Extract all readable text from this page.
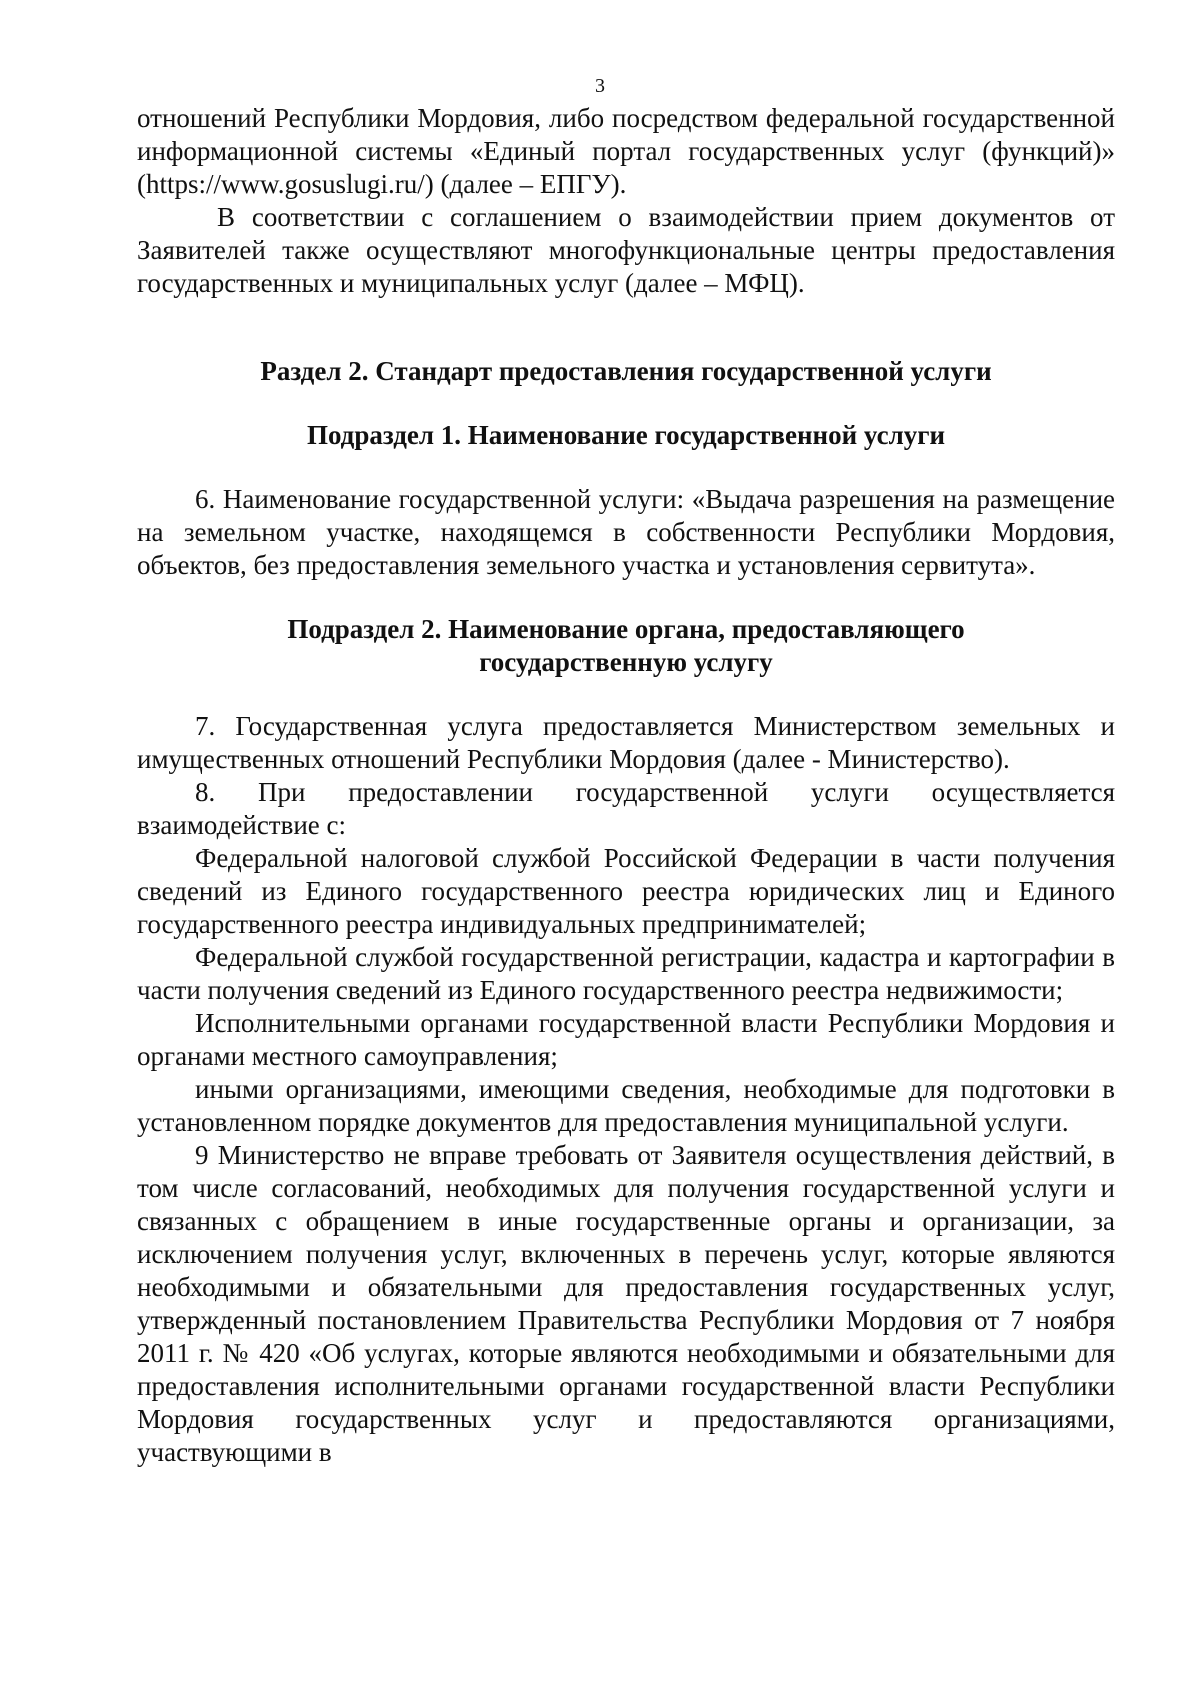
3

отношений Республики Мордовия, либо посредством федеральной государственной информационной системы «Единый портал государственных услуг (функций)» (https://www.gosuslugi.ru/) (далее – ЕПГУ).

В соответствии с соглашением о взаимодействии прием документов от Заявителей также осуществляют многофункциональные центры предоставления государственных и муниципальных услуг (далее – МФЦ).

Раздел 2. Стандарт предоставления государственной услуги
Подраздел 1. Наименование государственной услуги

6. Наименование государственной услуги: «Выдача разрешения на размещение на земельном участке, находящемся в собственности Республики Мордовия, объектов, без предоставления земельного участка и установления сервитута».

Подраздел 2. Наименование органа, предоставляющего
государственную услугу

7. Государственная услуга предоставляется Министерством земельных и имущественных отношений Республики Мордовия (далее - Министерство).

8. При предоставлении государственной услуги осуществляется взаимодействие с:

Федеральной налоговой службой Российской Федерации в части получения сведений из Единого государственного реестра юридических лиц и Единого государственного реестра индивидуальных предпринимателей;

Федеральной службой государственной регистрации, кадастра и картографии в части получения сведений из Единого государственного реестра недвижимости;

Исполнительными органами государственной власти Республики Мордовия и органами местного самоуправления;

иными организациями, имеющими сведения, необходимые для подготовки в установленном порядке документов для предоставления муниципальной услуги.

9 Министерство не вправе требовать от Заявителя осуществления действий, в том числе согласований, необходимых для получения государственной услуги и связанных с обращением в иные государственные органы и организации, за исключением получения услуг, включенных в перечень услуг, которые являются необходимыми и обязательными для предоставления государственных услуг, утвержденный постановлением Правительства Республики Мордовия от 7 ноября 2011 г. № 420 «Об услугах, которые являются необходимыми и обязательными для предоставления исполнительными органами государственной власти Республики Мордовия государственных услуг и предоставляются организациями, участвующими в
